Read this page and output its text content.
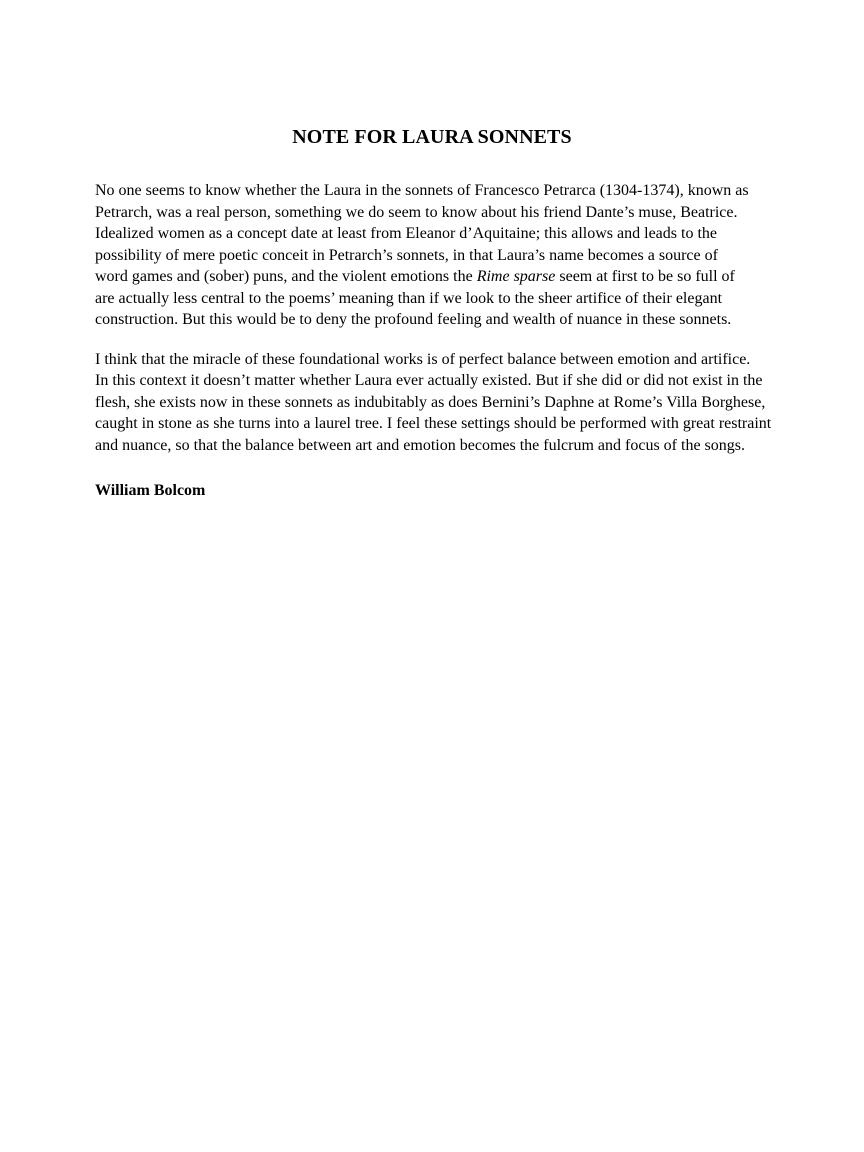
NOTE FOR LAURA SONNETS

No one seems to know whether the Laura in the sonnets of Francesco Petrarca (1304-1374), known as
Petrarch, was a real person, something we do seem to know about his friend Dante’s muse, Beatrice.
Idealized women as a concept date at least from Eleanor d’Aquitaine; this allows and leads to the
possibility of mere poetic conceit in Petrarch’s sonnets, in that Laura’s name becomes a source of
word games and (sober) puns, and the violent emotions the Rime sparse seem at first to be so full of
are actually less central to the poems’ meaning than if we look to the sheer artifice of their elegant
construction. But this would be to deny the profound feeling and wealth of nuance in these sonnets.

I think that the miracle of these foundational works is of perfect balance between emotion and artifice.
In this context it doesn’t matter whether Laura ever actually existed. But if she did or did not exist in the
flesh, she exists now in these sonnets as indubitably as does Bernini’s Daphne at Rome’s Villa Borghese,
caught in stone as she turns into a laurel tree. I feel these settings should be performed with great restraint
and nuance, so that the balance between art and emotion becomes the fulcrum and focus of the songs.

William Bolcom
